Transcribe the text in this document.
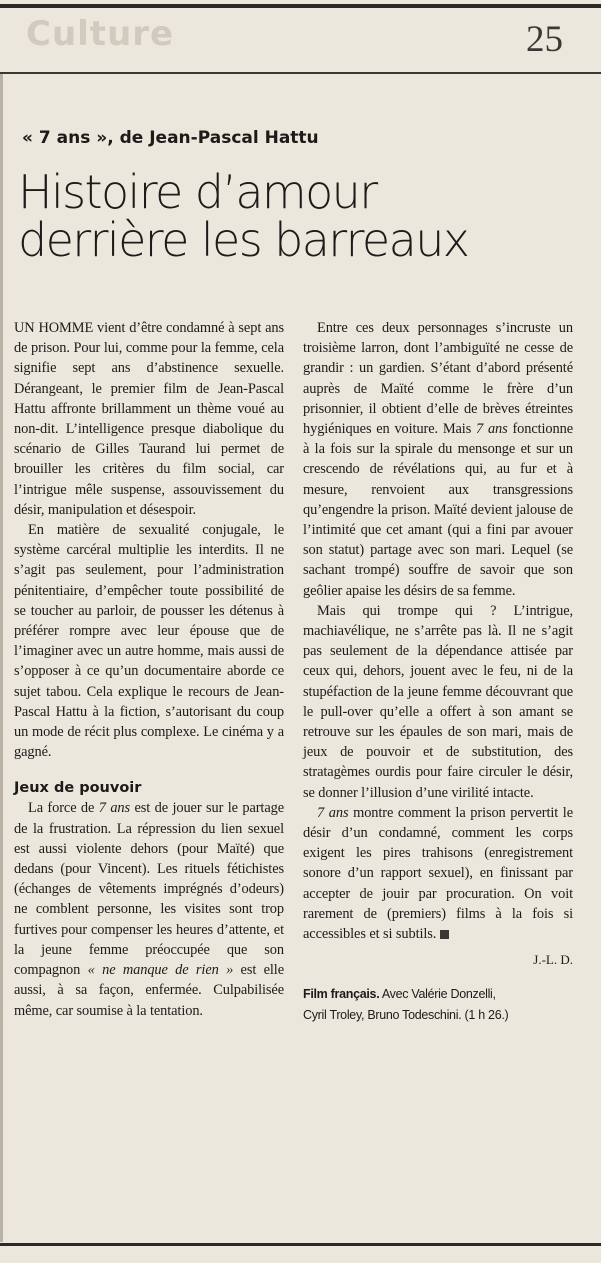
Culture	25
« 7 ans », de Jean-Pascal Hattu
Histoire d’amour
derrière les barreaux

UN HOMME vient d’être condamné à sept ans de prison. Pour lui, comme pour la femme, cela signifie sept ans d’abstinence sexuelle. Dérangeant, le premier film de Jean-Pascal Hattu affronte brillamment un thème voué au non-dit. L’intelligence presque diabolique du scénario de Gilles Taurand lui permet de brouiller les critères du film social, car l’intrigue mêle suspense, assouvissement du désir, manipulation et désespoir.

En matière de sexualité conjugale, le système carcéral multiplie les interdits. Il ne s’agit pas seulement, pour l’administration pénitentiaire, d’empêcher toute possibilité de se toucher au parloir, de pousser les détenus à préférer rompre avec leur épouse que de l’imaginer avec un autre homme, mais aussi de s’opposer à ce qu’un documentaire aborde ce sujet tabou. Cela explique le recours de Jean-Pascal Hattu à la fiction, s’autorisant du coup un mode de récit plus complexe. Le cinéma y a gagné.

Jeux de pouvoir

La force de 7 ans est de jouer sur le partage de la frustration. La répression du lien sexuel est aussi violente dehors (pour Maïté) que dedans (pour Vincent). Les rituels fétichistes (échanges de vêtements imprégnés d’odeurs) ne comblent personne, les visites sont trop furtives pour compenser les heures d’attente, et la jeune femme préoccupée que son compagnon « ne manque de rien » est elle aussi, à sa façon, enfermée. Culpabilisée même, car soumise à la tentation.

Entre ces deux personnages s’incruste un troisième larron, dont l’ambiguïté ne cesse de grandir : un gardien. S’étant d’abord présenté auprès de Maïté comme le frère d’un prisonnier, il obtient d’elle de brèves étreintes hygiéniques en voiture. Mais 7 ans fonctionne à la fois sur la spirale du mensonge et sur un crescendo de révélations qui, au fur et à mesure, renvoient aux transgressions qu’engendre la prison. Maïté devient jalouse de l’intimité que cet amant (qui a fini par avouer son statut) partage avec son mari. Lequel (se sachant trompé) souffre de savoir que son geôlier apaise les désirs de sa femme.

Mais qui trompe qui ? L’intrigue, machiavélique, ne s’arrête pas là. Il ne s’agit pas seulement de la dépendance attisée par ceux qui, dehors, jouent avec le feu, ni de la stupéfaction de la jeune femme découvrant que le pull-over qu’elle a offert à son amant se retrouve sur les épaules de son mari, mais de jeux de pouvoir et de substitution, des stratagèmes ourdis pour faire circuler le désir, se donner l’illusion d’une virilité intacte.

7 ans montre comment la prison pervertit le désir d’un condamné, comment les corps exigent les pires trahisons (enregistrement sonore d’un rapport sexuel), en finissant par accepter de jouir par procuration. On voit rarement de (premiers) films à la fois si accessibles et si subtils.

J.-L. D.
Film français. Avec Valérie Donzelli,
Cyril Troley, Bruno Todeschini. (1 h 26.)
